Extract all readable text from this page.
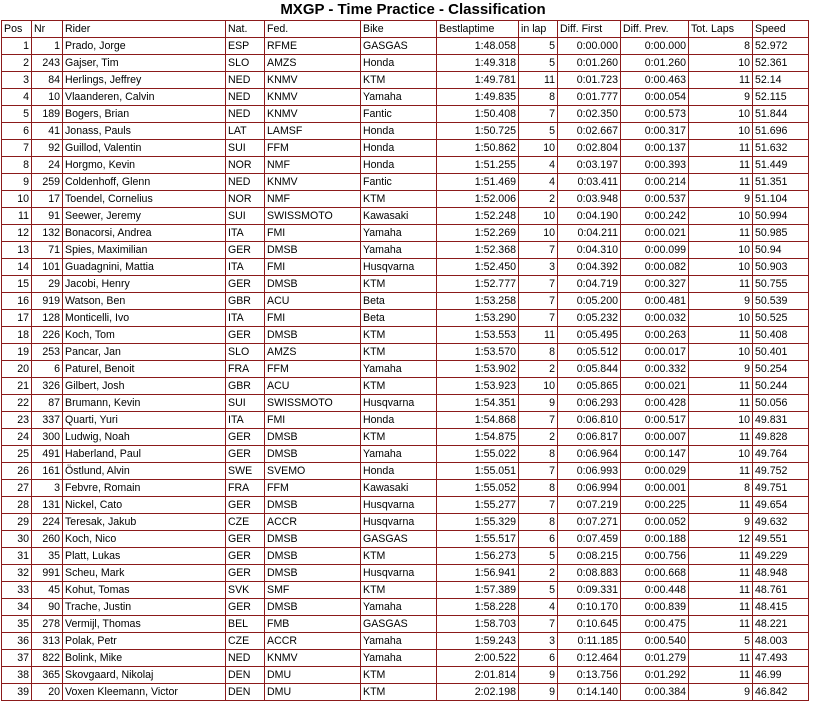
MXGP - Time Practice - Classification
Pos	Nr	Rider	Nat.	Fed.	Bike	Bestlaptime	in lap	Diff. First	Diff. Prev.	Tot. Laps	Speed
1	1	Prado, Jorge	ESP	RFME	GASGAS	1:48.058	5	0:00.000	0:00.000	8	52.972
2	243	Gajser, Tim	SLO	AMZS	Honda	1:49.318	5	0:01.260	0:01.260	10	52.361
3	84	Herlings, Jeffrey	NED	KNMV	KTM	1:49.781	11	0:01.723	0:00.463	11	52.14
4	10	Vlaanderen, Calvin	NED	KNMV	Yamaha	1:49.835	8	0:01.777	0:00.054	9	52.115
5	189	Bogers, Brian	NED	KNMV	Fantic	1:50.408	7	0:02.350	0:00.573	10	51.844
6	41	Jonass, Pauls	LAT	LAMSF	Honda	1:50.725	5	0:02.667	0:00.317	10	51.696
7	92	Guillod, Valentin	SUI	FFM	Honda	1:50.862	10	0:02.804	0:00.137	11	51.632
8	24	Horgmo, Kevin	NOR	NMF	Honda	1:51.255	4	0:03.197	0:00.393	11	51.449
9	259	Coldenhoff, Glenn	NED	KNMV	Fantic	1:51.469	4	0:03.411	0:00.214	11	51.351
10	17	Toendel, Cornelius	NOR	NMF	KTM	1:52.006	2	0:03.948	0:00.537	9	51.104
11	91	Seewer, Jeremy	SUI	SWISSMOTO	Kawasaki	1:52.248	10	0:04.190	0:00.242	10	50.994
12	132	Bonacorsi, Andrea	ITA	FMI	Yamaha	1:52.269	10	0:04.211	0:00.021	11	50.985
13	71	Spies, Maximilian	GER	DMSB	Yamaha	1:52.368	7	0:04.310	0:00.099	10	50.94
14	101	Guadagnini, Mattia	ITA	FMI	Husqvarna	1:52.450	3	0:04.392	0:00.082	10	50.903
15	29	Jacobi, Henry	GER	DMSB	KTM	1:52.777	7	0:04.719	0:00.327	11	50.755
16	919	Watson, Ben	GBR	ACU	Beta	1:53.258	7	0:05.200	0:00.481	9	50.539
17	128	Monticelli, Ivo	ITA	FMI	Beta	1:53.290	7	0:05.232	0:00.032	10	50.525
18	226	Koch, Tom	GER	DMSB	KTM	1:53.553	11	0:05.495	0:00.263	11	50.408
19	253	Pancar, Jan	SLO	AMZS	KTM	1:53.570	8	0:05.512	0:00.017	10	50.401
20	6	Paturel, Benoit	FRA	FFM	Yamaha	1:53.902	2	0:05.844	0:00.332	9	50.254
21	326	Gilbert, Josh	GBR	ACU	KTM	1:53.923	10	0:05.865	0:00.021	11	50.244
22	87	Brumann, Kevin	SUI	SWISSMOTO	Husqvarna	1:54.351	9	0:06.293	0:00.428	11	50.056
23	337	Quarti, Yuri	ITA	FMI	Honda	1:54.868	7	0:06.810	0:00.517	10	49.831
24	300	Ludwig, Noah	GER	DMSB	KTM	1:54.875	2	0:06.817	0:00.007	11	49.828
25	491	Haberland, Paul	GER	DMSB	Yamaha	1:55.022	8	0:06.964	0:00.147	10	49.764
26	161	Östlund, Alvin	SWE	SVEMO	Honda	1:55.051	7	0:06.993	0:00.029	11	49.752
27	3	Febvre, Romain	FRA	FFM	Kawasaki	1:55.052	8	0:06.994	0:00.001	8	49.751
28	131	Nickel, Cato	GER	DMSB	Husqvarna	1:55.277	7	0:07.219	0:00.225	11	49.654
29	224	Teresak, Jakub	CZE	ACCR	Husqvarna	1:55.329	8	0:07.271	0:00.052	9	49.632
30	260	Koch, Nico	GER	DMSB	GASGAS	1:55.517	6	0:07.459	0:00.188	12	49.551
31	35	Platt, Lukas	GER	DMSB	KTM	1:56.273	5	0:08.215	0:00.756	11	49.229
32	991	Scheu, Mark	GER	DMSB	Husqvarna	1:56.941	2	0:08.883	0:00.668	11	48.948
33	45	Kohut, Tomas	SVK	SMF	KTM	1:57.389	5	0:09.331	0:00.448	11	48.761
34	90	Trache, Justin	GER	DMSB	Yamaha	1:58.228	4	0:10.170	0:00.839	11	48.415
35	278	Vermijl, Thomas	BEL	FMB	GASGAS	1:58.703	7	0:10.645	0:00.475	11	48.221
36	313	Polak, Petr	CZE	ACCR	Yamaha	1:59.243	3	0:11.185	0:00.540	5	48.003
37	822	Bolink, Mike	NED	KNMV	Yamaha	2:00.522	6	0:12.464	0:01.279	11	47.493
38	365	Skovgaard, Nikolaj	DEN	DMU	KTM	2:01.814	9	0:13.756	0:01.292	11	46.99
39	20	Voxen Kleemann, Victor	DEN	DMU	KTM	2:02.198	9	0:14.140	0:00.384	9	46.842
